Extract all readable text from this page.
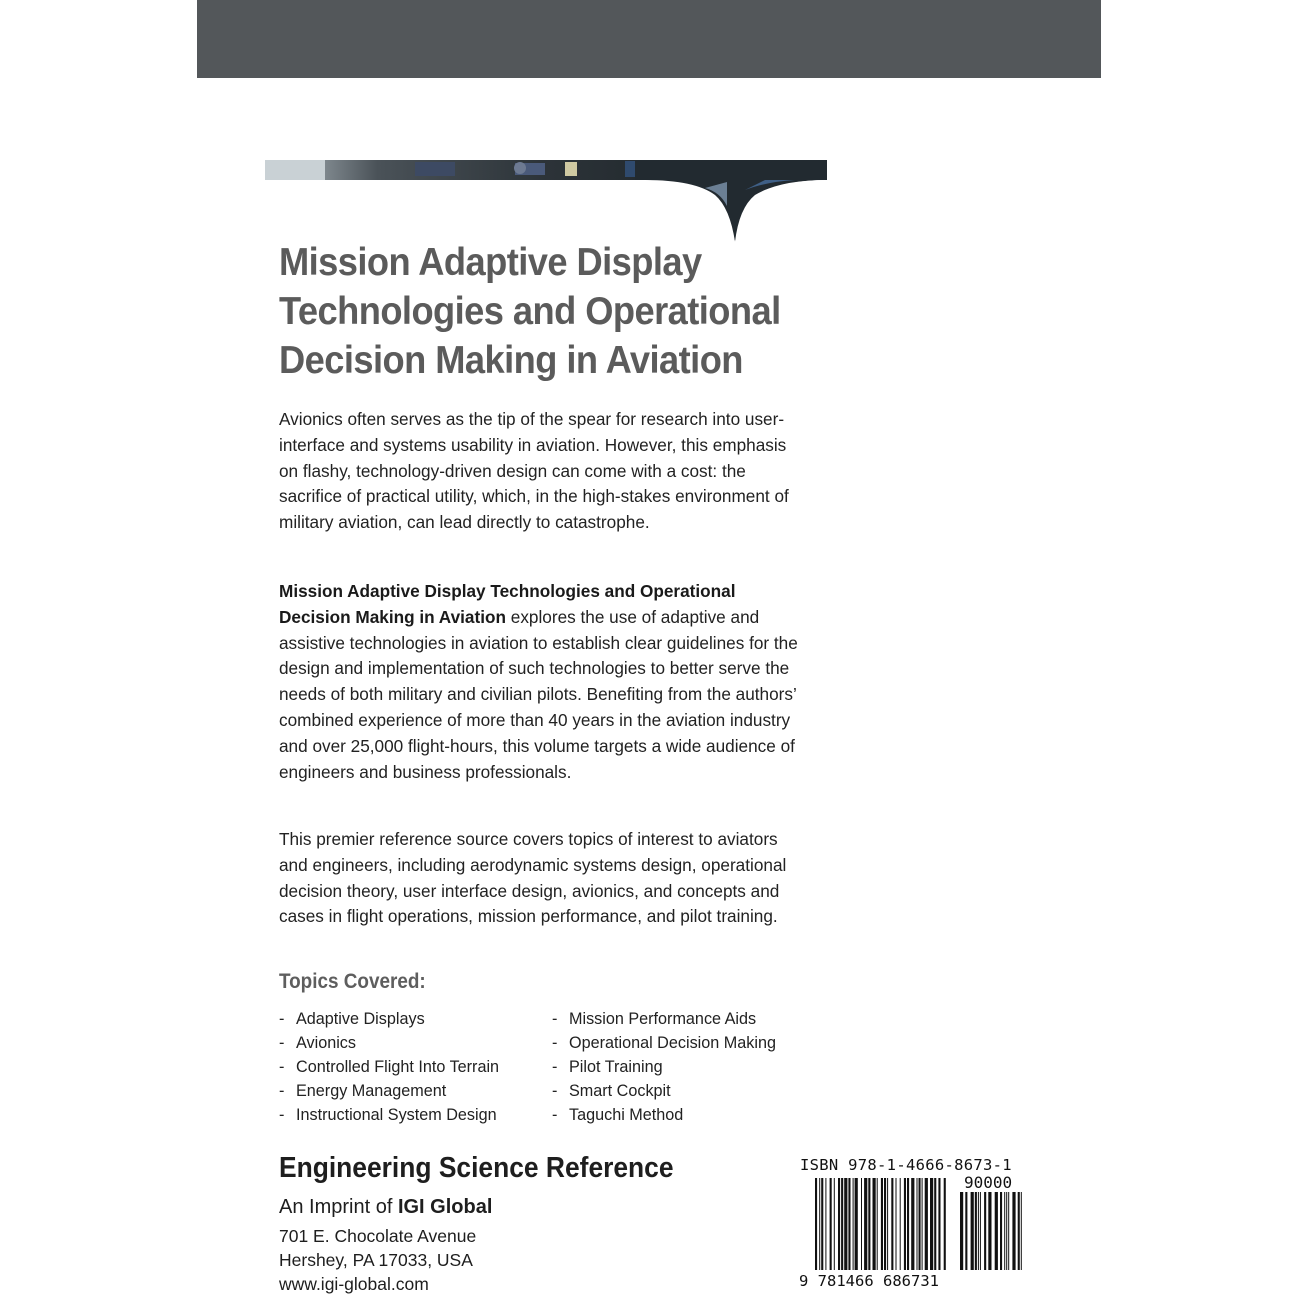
Mission Adaptive Display Technologies and Operational Decision Making in Aviation

Avionics often serves as the tip of the spear for research into user-interface and systems usability in aviation. However, this emphasis on flashy, technology-driven design can come with a cost: the sacrifice of practical utility, which, in the high-stakes environment of military aviation, can lead directly to catastrophe.

Mission Adaptive Display Technologies and Operational Decision Making in Aviation explores the use of adaptive and assistive technologies in aviation to establish clear guidelines for the design and implementation of such technologies to better serve the needs of both military and civilian pilots. Benefiting from the authors’ combined experience of more than 40 years in the aviation industry and over 25,000 flight-hours, this volume targets a wide audience of engineers and business professionals.

This premier reference source covers topics of interest to aviators and engineers, including aerodynamic systems design, operational decision theory, user interface design, avionics, and concepts and cases in flight operations, mission performance, and pilot training.

Topics Covered:
- Adaptive Displays
- Avionics
- Controlled Flight Into Terrain
- Energy Management
- Instructional System Design
- Mission Performance Aids
- Operational Decision Making
- Pilot Training
- Smart Cockpit
- Taguchi Method
Engineering Science Reference
An Imprint of IGI Global
701 E. Chocolate Avenue
Hershey, PA 17033, USA
www.igi-global.com
ISBN 978-1-4666-8673-1
90000
9 781466 686731
